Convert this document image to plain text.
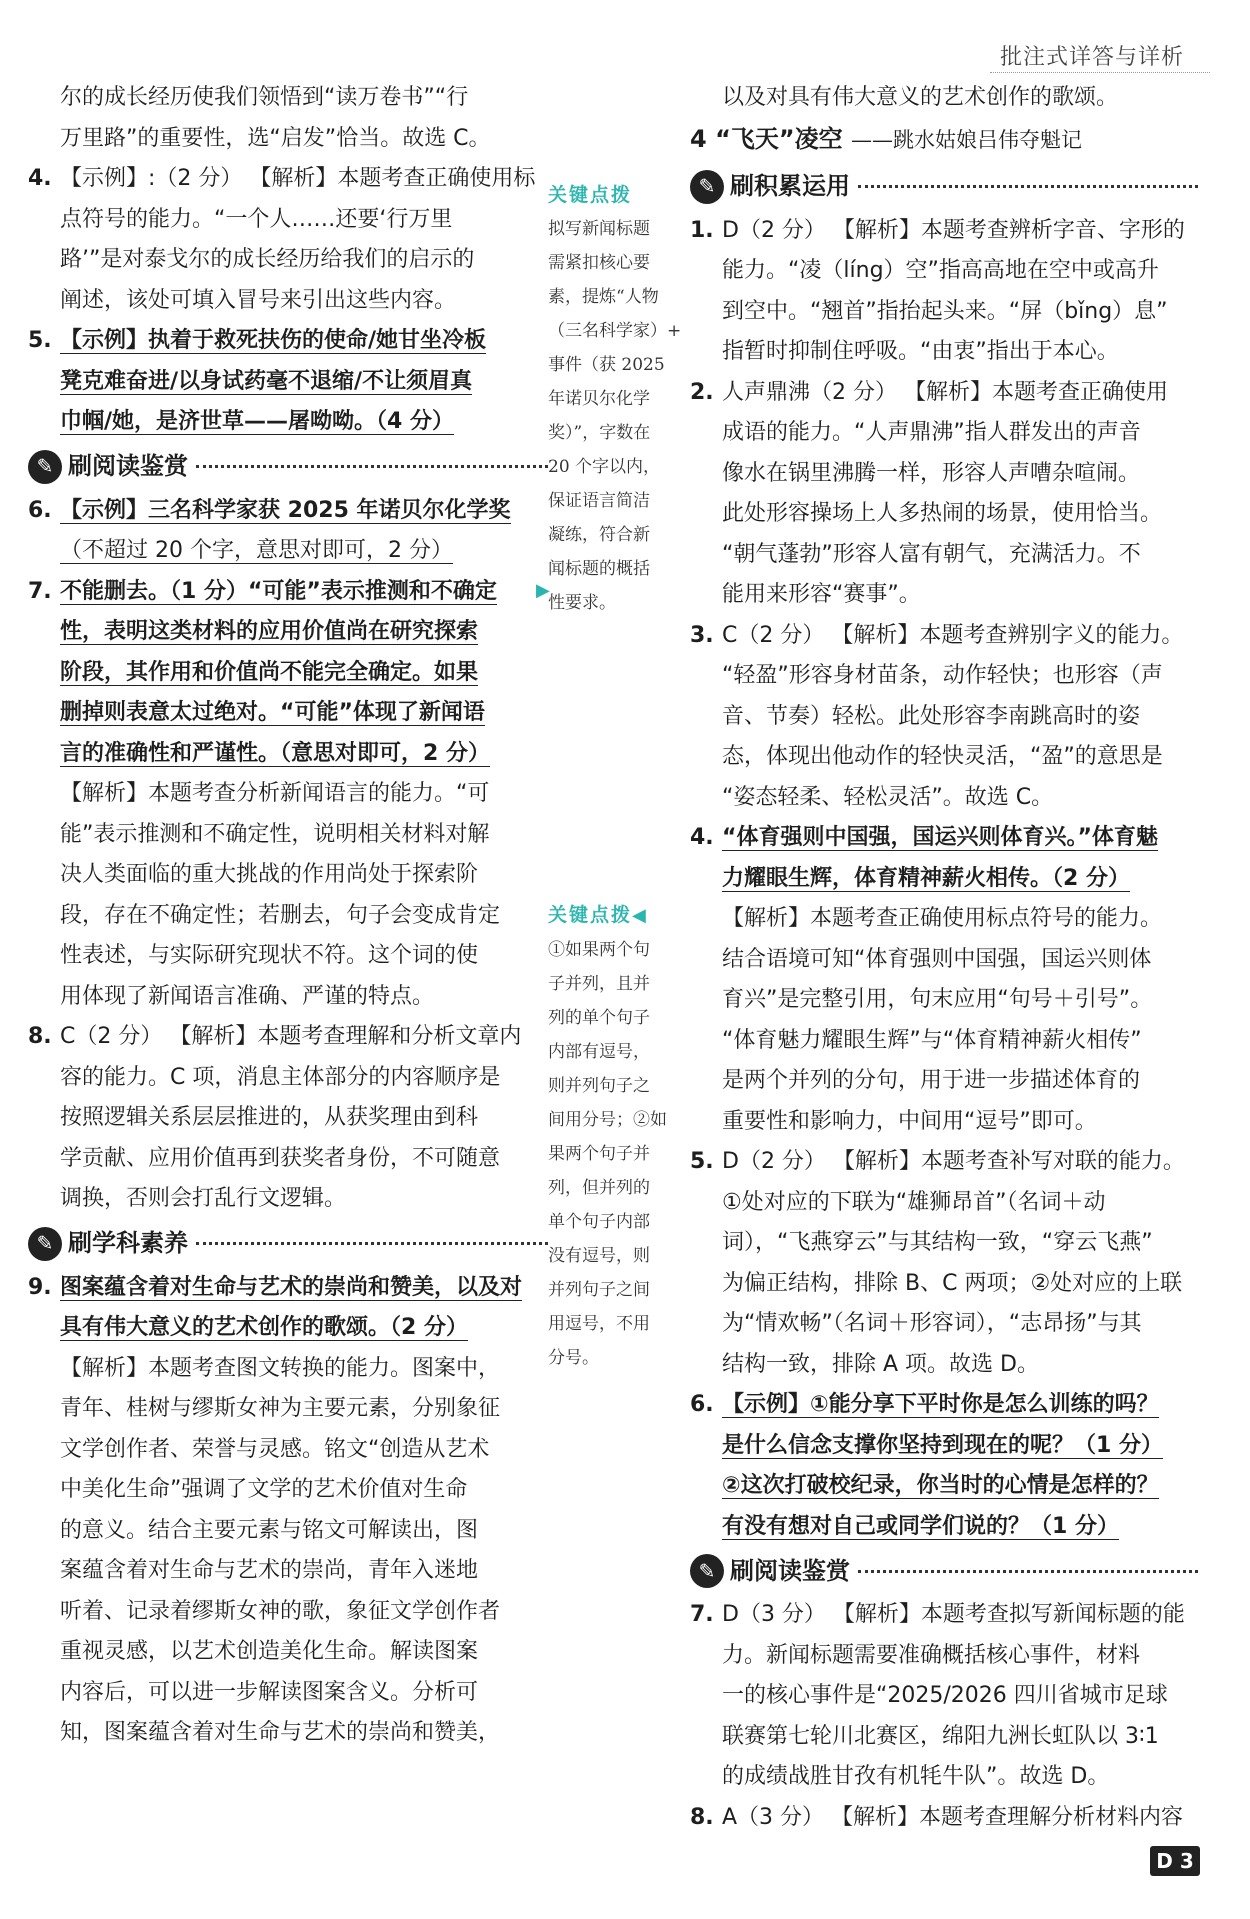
批注式详答与详析

尔的成长经历使我们领悟到“读万卷书”“行

万里路”的重要性，选“启发”恰当。故选 C。

4. 【示例】:（2 分） 【解析】本题考查正确使用标
点符号的能力。“一个人……还要‘行万里
路’”是对泰戈尔的成长经历给我们的启示的
阐述，该处可填入冒号来引出这些内容。
5. 【示例】执着于救死扶伤的使命/她甘坐冷板
凳克难奋进/以身试药毫不退缩/不让须眉真
巾帼/她，是济世草——屠呦呦。（4 分）
✎ 刷阅读鉴赏
6. 【示例】三名科学家获 2025 年诺贝尔化学奖
（不超过 20 个字，意思对即可，2 分）
7. 不能删去。（1 分）“可能”表示推测和不确定
性，表明这类材料的应用价值尚在研究探索
阶段，其作用和价值尚不能完全确定。如果
删掉则表意太过绝对。“可能”体现了新闻语
言的准确性和严谨性。（意思对即可，2 分）
【解析】本题考查分析新闻语言的能力。“可
能”表示推测和不确定性，说明相关材料对解
决人类面临的重大挑战的作用尚处于探索阶
段，存在不确定性；若删去，句子会变成肯定
性表述，与实际研究现状不符。这个词的使
用体现了新闻语言准确、严谨的特点。
8. C（2 分） 【解析】本题考查理解和分析文章内
容的能力。C 项，消息主体部分的内容顺序是
按照逻辑关系层层推进的，从获奖理由到科
学贡献、应用价值再到获奖者身份，不可随意
调换，否则会打乱行文逻辑。
✎ 刷学科素养
9. 图案蕴含着对生命与艺术的崇尚和赞美，以及对
具有伟大意义的艺术创作的歌颂。（2 分）
【解析】本题考查图文转换的能力。图案中，
青年、桂树与缪斯女神为主要元素，分别象征
文学创作者、荣誉与灵感。铭文“创造从艺术
中美化生命”强调了文学的艺术价值对生命
的意义。结合主要元素与铭文可解读出，图
案蕴含着对生命与艺术的崇尚，青年入迷地
听着、记录着缪斯女神的歌，象征文学创作者
重视灵感，以艺术创造美化生命。解读图案
内容后，可以进一步解读图案含义。分析可
知，图案蕴含着对生命与艺术的崇尚和赞美，
关键点拨
拟写新闻标题
需紧扣核心要
素，提炼“人物
（三名科学家）+
事件（获 2025
年诺贝尔化学
奖）”，字数在
20 个字以内，
保证语言简洁
凝练，符合新
闻标题的概括
性要求。
▶
关键点拨◀
①如果两个句
子并列，且并
列的单个句子
内部有逗号，
则并列句子之
间用分号；②如
果两个句子并
列，但并列的
单个句子内部
没有逗号，则
并列句子之间
用逗号，不用
分号。

以及对具有伟大意义的艺术创作的歌颂。

4 “飞天”凌空 ——跳水姑娘吕伟夺魁记
✎ 刷积累运用
1. D（2 分） 【解析】本题考查辨析字音、字形的
能力。“凌（líng）空”指高高地在空中或高升
到空中。“翘首”指抬起头来。“屏（bǐng）息”
指暂时抑制住呼吸。“由衷”指出于本心。
2. 人声鼎沸（2 分） 【解析】本题考查正确使用
成语的能力。“人声鼎沸”指人群发出的声音
像水在锅里沸腾一样，形容人声嘈杂喧闹。
此处形容操场上人多热闹的场景，使用恰当。
“朝气蓬勃”形容人富有朝气，充满活力。不
能用来形容“赛事”。
3. C（2 分） 【解析】本题考查辨别字义的能力。
“轻盈”形容身材苗条，动作轻快；也形容（声
音、节奏）轻松。此处形容李南跳高时的姿
态，体现出他动作的轻快灵活，“盈”的意思是
“姿态轻柔、轻松灵活”。故选 C。
4. “体育强则中国强，国运兴则体育兴。”体育魅
力耀眼生辉，体育精神薪火相传。（2 分）
【解析】本题考查正确使用标点符号的能力。
结合语境可知“体育强则中国强，国运兴则体
育兴”是完整引用，句末应用“句号＋引号”。
“体育魅力耀眼生辉”与“体育精神薪火相传”
是两个并列的分句，用于进一步描述体育的
重要性和影响力，中间用“逗号”即可。
5. D（2 分） 【解析】本题考查补写对联的能力。
①处对应的下联为“雄狮昂首”（名词＋动
词），“飞燕穿云”与其结构一致，“穿云飞燕”
为偏正结构，排除 B、C 两项；②处对应的上联
为“情欢畅”（名词＋形容词），“志昂扬”与其
结构一致，排除 A 项。故选 D。
6. 【示例】①能分享下平时你是怎么训练的吗？
是什么信念支撑你坚持到现在的呢？（1 分）
②这次打破校纪录，你当时的心情是怎样的？
有没有想对自己或同学们说的？（1 分）
✎ 刷阅读鉴赏
7. D（3 分） 【解析】本题考查拟写新闻标题的能
力。新闻标题需要准确概括核心事件，材料
一的核心事件是“2025/2026 四川省城市足球
联赛第七轮川北赛区，绵阳九洲长虹队以 3∶1
的成绩战胜甘孜有机牦牛队”。故选 D。
8. A（3 分） 【解析】本题考查理解分析材料内容
D 3
